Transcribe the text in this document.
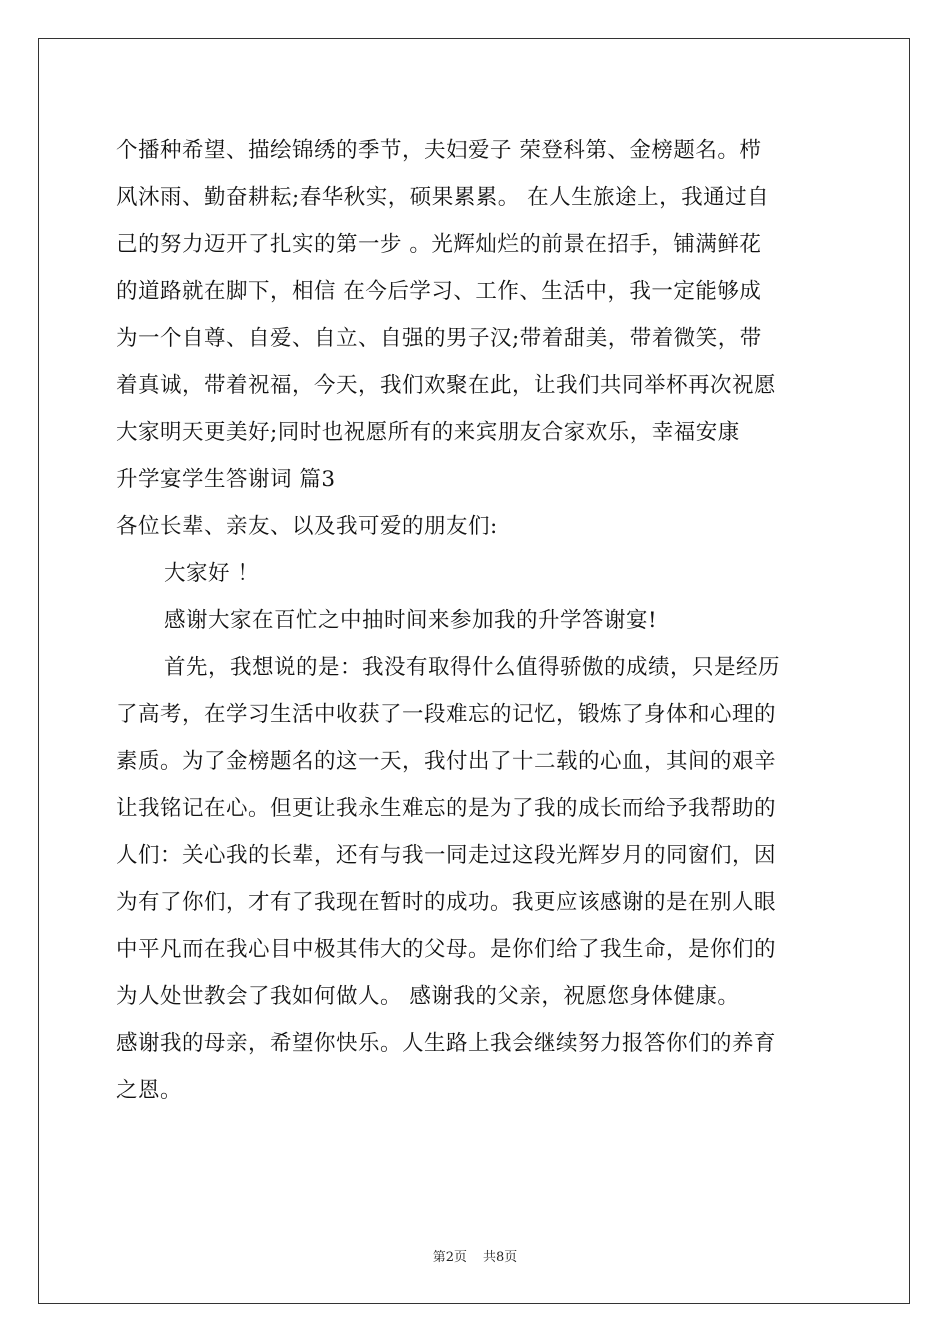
个播种希望、描绘锦绣的季节，夫妇爱子 荣登科第、金榜题名。栉
风沐雨、勤奋耕耘;春华秋实，硕果累累。 在人生旅途上，我通过自
己的努力迈开了扎实的第一步 。光辉灿烂的前景在招手，铺满鲜花
的道路就在脚下，相信 在今后学习、工作、生活中，我一定能够成
为一个自尊、自爱、自立、自强的男子汉;带着甜美，带着微笑，带
着真诚，带着祝福，今天，我们欢聚在此，让我们共同举杯再次祝愿
大家明天更美好;同时也祝愿所有的来宾朋友合家欢乐，幸福安康
升学宴学生答谢词 篇3
各位长辈、亲友、以及我可爱的朋友们:
大家好 ！
感谢大家在百忙之中抽时间来参加我的升学答谢宴!
首先，我想说的是：我没有取得什么值得骄傲的成绩，只是经历
了高考，在学习生活中收获了一段难忘的记忆，锻炼了身体和心理的
素质。为了金榜题名的这一天，我付出了十二载的心血，其间的艰辛
让我铭记在心。但更让我永生难忘的是为了我的成长而给予我帮助的
人们：关心我的长辈，还有与我一同走过这段光辉岁月的同窗们，因
为有了你们，才有了我现在暂时的成功。我更应该感谢的是在别人眼
中平凡而在我心目中极其伟大的父母。是你们给了我生命，是你们的
为人处世教会了我如何做人。 感谢我的父亲，祝愿您身体健康。
感谢我的母亲，希望你快乐。人生路上我会继续努力报答你们的养育
之恩。
第2页 共8页
